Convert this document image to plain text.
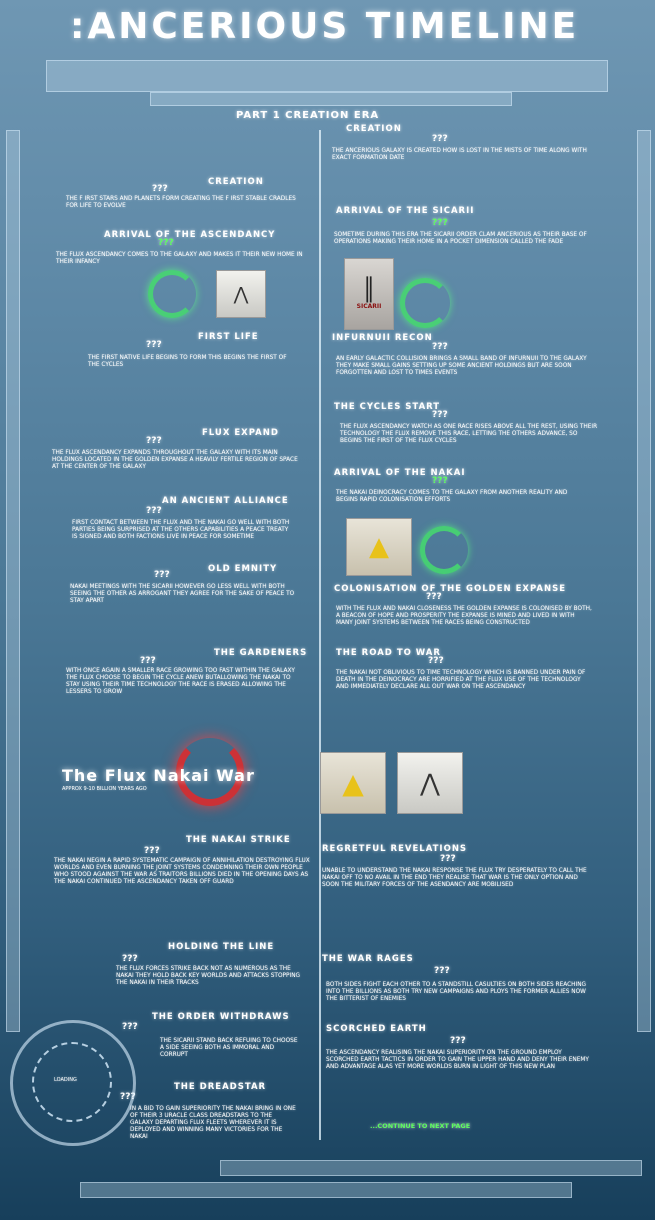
:ANCERIOUS TIMELINE
PART 1 CREATION ERA
CREATION
???
THE F IRST STARS AND PLANETS FORM CREATING THE F IRST STABLE CRADLES FOR LIFE TO EVOLVE
ARRIVAL OF THE ASCENDANCY
???
THE FLUX ASCENDANCY COMES TO THE GALAXY AND MAKES IT THEIR NEW HOME IN THEIR INFANCY
⋀
FIRST LIFE
???
THE FIRST NATIVE LIFE BEGINS TO FORM THIS BEGINS THE FIRST OF THE CYCLES
FLUX EXPAND
???
THE FLUX ASCENDANCY EXPANDS THROUGHOUT THE GALAXY WITH ITS MAIN HOLDINGS LOCATED IN THE GOLDEN EXPANSE A HEAVILY FERTILE REGION OF SPACE AT THE CENTER OF THE GALAXY
AN ANCIENT ALLIANCE
???
FIRST CONTACT BETWEEN THE FLUX AND THE NAKAI GO WELL WITH BOTH PARTIES BEING SURPRISED AT THE OTHERS CAPABILITIES A PEACE TREATY IS SIGNED AND BOTH FACTIONS LIVE IN PEACE FOR SOMETIME
OLD EMNITY
???
NAKAI MEETINGS WITH THE SICARII HOWEVER GO LESS WELL WITH BOTH SEEING THE OTHER AS ARROGANT THEY AGREE FOR THE SAKE OF PEACE TO STAY APART
THE GARDENERS
???
WITH ONCE AGAIN A SMALLER RACE GROWING TOO FAST WITHIN THE GALAXY THE FLUX CHOOSE TO BEGIN THE CYCLE ANEW BUTALLOWING THE NAKAI TO STAY USING THEIR TIME TECHNOLOGY THE RACE IS ERASED ALLOWING THE LESSERS TO GROW
The Flux Nakai War
APPROX 9-10 BILLION YEARS AGO	▲	⋀
THE NAKAI STRIKE
???
THE NAKAI NEGIN A RAPID SYSTEMATIC CAMPAIGN OF ANNIHILATION DESTROYING FLUX WORLDS AND EVEN BURNING THE JOINT SYSTEMS CONDEMNING THEIR OWN PEOPLE WHO STOOD AGAINST THE WAR AS TRAITORS BILLIONS DIED IN THE OPENING DAYS AS THE NAKAI CONTINUED THE ASCENDANCY TAKEN OFF GUARD
HOLDING THE LINE
???
THE FLUX FORCES STRIKE BACK NOT AS NUMEROUS AS THE NAKAI THEY HOLD BACK KEY WORLDS AND ATTACKS STOPPING THE NAKAI IN THEIR TRACKS
THE ORDER WITHDRAWS
???
THE SICARII STAND BACK REFUING TO CHOOSE A SIDE SEEING BOTH AS IMMORAL AND CORRUPT
THE DREADSTAR
???
IN A BID TO GAIN SUPERIORITY THE NAKAI BRING IN ONE OF THEIR 3 URACLE CLASS DREADSTARS TO THE GALAXY DEPARTING FLUX FLEETS WHEREVER IT IS DEPLOYED AND WINNING MANY VICTORIES FOR THE NAKAI
LOADING
CREATION
???
THE ANCERIOUS GALAXY IS CREATED HOW IS LOST IN THE MISTS OF TIME ALONG WITH EXACT FORMATION DATE
ARRIVAL OF THE SICARII
???
SOMETIME DURING THIS ERA THE SICARII ORDER CLAM ANCERIOUS AS THEIR BASE OF OPERATIONS MAKING THEIR HOME IN A POCKET DIMENSION CALLED THE FADE
║
SICARII
INFURNUII RECON
???
AN EARLY GALACTIC COLLISION BRINGS A SMALL BAND OF INFURNUII TO THE GALAXY THEY MAKE SMALL GAINS SETTING UP SOME ANCIENT HOLDINGS BUT ARE SOON FORGOTTEN AND LOST TO TIMES EVENTS
THE CYCLES START
???
THE FLUX ASCENDANCY WATCH AS ONE RACE RISES ABOVE ALL THE REST, USING THEIR TECHNOLOGY THE FLUX REMOVE THIS RACE, LETTING THE OTHERS ADVANCE, SO BEGINS THE FIRST OF THE FLUX CYCLES
ARRIVAL OF THE NAKAI
???
THE NAKAI DEINOCRACY COMES TO THE GALAXY FROM ANOTHER REALITY AND BEGINS RAPID COLONISATION EFFORTS
▲
COLONISATION OF THE GOLDEN EXPANSE
???
WITH THE FLUX AND NAKAI CLOSENESS THE GOLDEN EXPANSE IS COLONISED BY BOTH, A BEACON OF HOPE AND PROSPERITY THE EXPANSE IS MINED AND LIVED IN WITH MANY JOINT SYSTEMS BETWEEN THE RACES BEING CONSTRUCTED
THE ROAD TO WAR
???
THE NAKAI NOT OBLIVIOUS TO TIME TECHNOLOGY WHICH IS BANNED UNDER PAIN OF DEATH IN THE DEINOCRACY ARE HORRIFIED AT THE FLUX USE OF THE TECHNOLOGY AND IMMEDIATELY DECLARE ALL OUT WAR ON THE ASCENDANCY
REGRETFUL REVELATIONS
???
UNABLE TO UNDERSTAND THE NAKAI RESPONSE THE FLUX TRY DESPERATELY TO CALL THE NAKAI OFF TO NO AVAIL IN THE END THEY REALISE THAT WAR IS THE ONLY OPTION AND SOON THE MILITARY FORCES OF THE ASENDANCY ARE MOBILISED
THE WAR RAGES
???
BOTH SIDES FIGHT EACH OTHER TO A STANDSTILL CASULTIES ON BOTH SIDES REACHING INTO THE BILLIONS AS BOTH TRY NEW CAMPAIGNS AND PLOYS THE FORMER ALLIES NOW THE BITTERIST OF ENEMIES
SCORCHED EARTH
???
THE ASCENDANCY REALISING THE NAKAI SUPERIORITY ON THE GROUND EMPLOY SCORCHED EARTH TACTICS IN ORDER TO GAIN THE UPPER HAND AND DENY THEIR ENEMY AND ADVANTAGE ALAS YET MORE WORLDS BURN IN LIGHT OF THIS NEW PLAN
...CONTINUE TO NEXT PAGE
